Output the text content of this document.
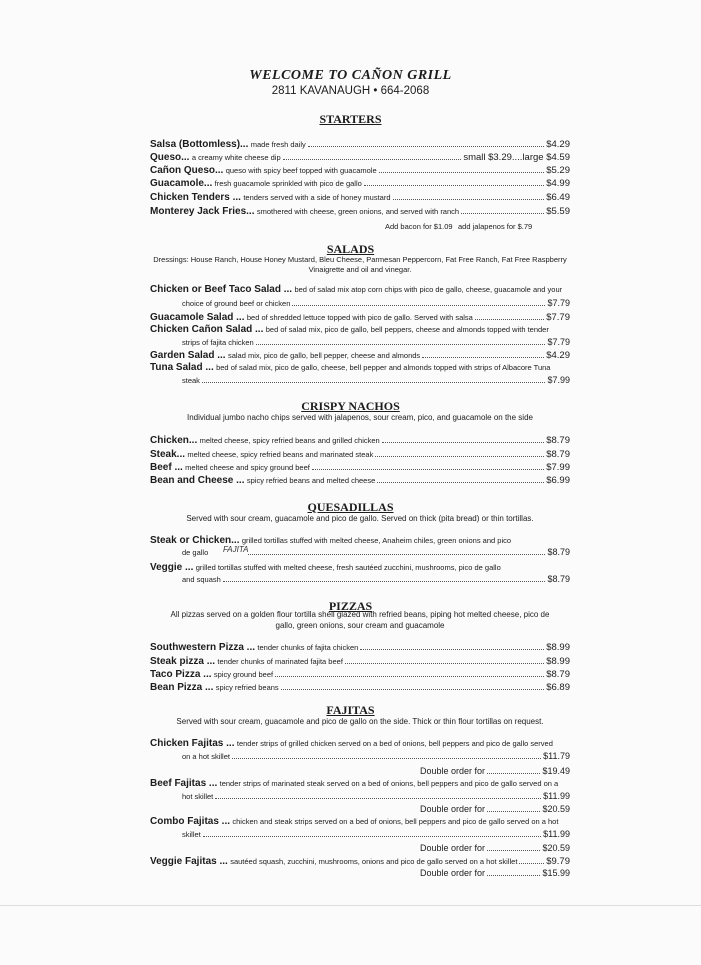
WELCOME TO CAÑON GRILL
2811 KAVANAUGH • 664-2068
STARTERS
Salsa (Bottomless)...
made fresh daily	$4.29
Queso...
a creamy white cheese dip	small $3.29....large $4.59
Cañon Queso...
queso with spicy beef topped with guacamole	$5.29
Guacamole...
fresh guacamole sprinkled with pico de gallo	$4.99
Chicken Tenders ...
tenders served with a side of honey mustard	$6.49
Monterey Jack Fries...
smothered with cheese, green onions, and served with ranch	$5.59
Add bacon for $1.09 add jalapenos for $.79
SALADS
Dressings: House Ranch, House Honey Mustard, Bleu Cheese, Parmesan Peppercorn, Fat Free Ranch, Fat Free Raspberry
Vinaigrette and oil and vinegar.
Chicken or Beef Taco Salad ...
bed of salad mix atop corn chips with pico de gallo, cheese, guacamole and your
choice of ground beef or chicken	$7.79
Guacamole Salad ...
bed of shredded lettuce topped with pico de gallo. Served with salsa	$7.79
Chicken Cañon Salad ...
bed of salad mix, pico de gallo, bell peppers, cheese and almonds topped with tender
strips of fajita chicken	$7.79
Garden Salad ...
salad mix, pico de gallo, bell pepper, cheese and almonds	$4.29
Tuna Salad ...
bed of salad mix, pico de gallo, cheese, bell pepper and almonds topped with strips of Albacore Tuna
steak	$7.99
CRISPY NACHOS
Individual jumbo nacho chips served with jalapenos, sour cream, pico, and guacamole on the side
Chicken...
melted cheese, spicy refried beans and grilled chicken	$8.79
Steak...
melted cheese, spicy refried beans and marinated steak	$8.79
Beef ...
melted cheese and spicy ground beef	$7.99
Bean and Cheese ...
spicy refried beans and melted cheese	$6.99
QUESADILLAS
Served with sour cream, guacamole and pico de gallo. Served on thick (pita bread) or thin tortillas.
Steak or Chicken...
grilled tortillas stuffed with melted cheese, Anaheim chiles, green onions and pico
de gallo	$8.79
FAJITA
Veggie ...
grilled tortillas stuffed with melted cheese, fresh sautéed zucchini, mushrooms, pico de gallo
and squash	$8.79
PIZZAS
All pizzas served on a golden flour tortilla shell glazed with refried beans, piping hot melted cheese, pico de
gallo, green onions, sour cream and guacamole
Southwestern Pizza ...
tender chunks of fajita chicken	$8.99
Steak pizza ...
tender chunks of marinated fajita beef	$8.99
Taco Pizza ...
spicy ground beef	$8.79
Bean Pizza ...
spicy refried beans	$6.89
FAJITAS
Served with sour cream, guacamole and pico de gallo on the side. Thick or thin flour tortillas on request.
Chicken Fajitas ...
tender strips of grilled chicken served on a bed of onions, bell peppers and pico de gallo served
on a hot skillet	$11.79
Double order for	$19.49
Beef Fajitas ...
tender strips of marinated steak served on a bed of onions, bell peppers and pico de gallo served on a
hot skillet	$11.99
Double order for	$20.59
Combo Fajitas ...
chicken and steak strips served on a bed of onions, bell peppers and pico de gallo served on a hot
skillet	$11.99
Double order for	$20.59
Veggie Fajitas ...
sautéed squash, zucchini, mushrooms, onions and pico de gallo served on a hot skillet	$9.79
Double order for	$15.99
